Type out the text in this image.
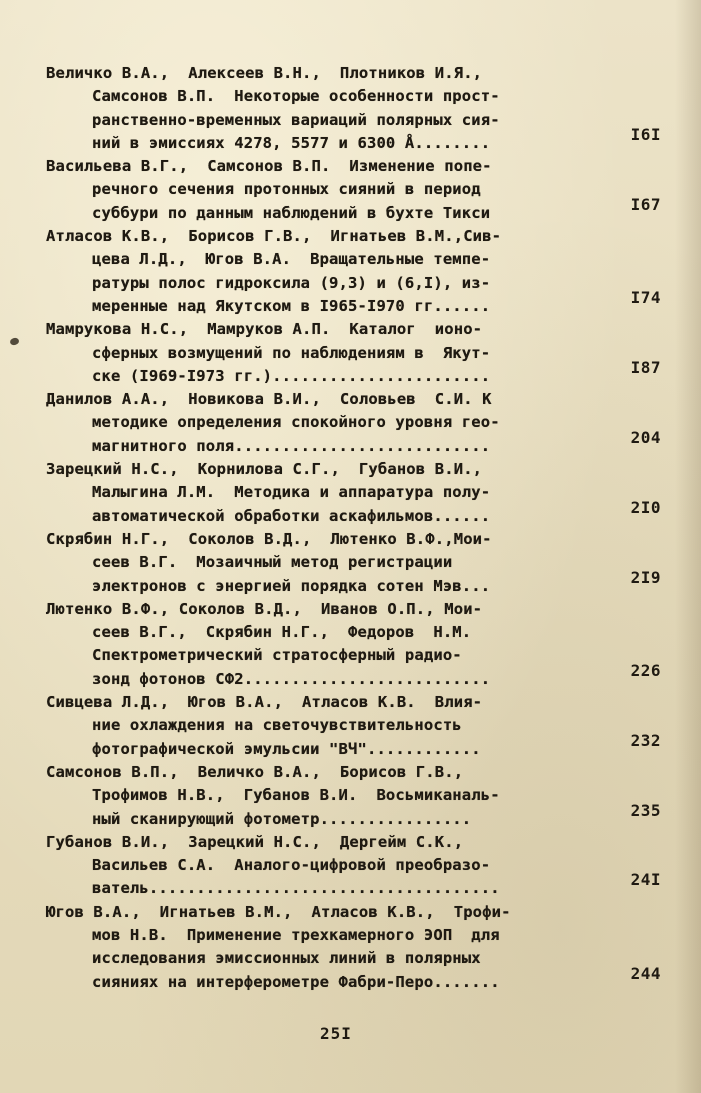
Величко В.А.,  Алексеев В.Н.,  Плотников И.Я.,
Самсонов В.П.  Некоторые особенности прост-
ранственно-временных вариаций полярных сия-
ний в эмиссиях 4278, 5577 и 6300 Å........	I6I
Васильева В.Г.,  Самсонов В.П.  Изменение попе-
речного сечения протонных сияний в период
суббури по данным наблюдений в бухте Тикси	I67
Атласов К.В.,  Борисов Г.В.,  Игнатьев В.М.,Сив-
цева Л.Д.,  Югов В.А.  Вращательные темпе-
ратуры полос гидроксила (9,3) и (6,I), из-
меренные над Якутском в I965-I970 гг......	I74
Мамрукова Н.С.,  Мамруков А.П.  Каталог  ионо-
сферных возмущений по наблюдениям в  Якут-
ске (I969-I973 гг.).......................	I87
Данилов А.А.,  Новикова В.И.,  Соловьев  С.И. К
методике определения спокойного уровня гео-
магнитного поля...........................	204
Зарецкий Н.С.,  Корнилова С.Г.,  Губанов В.И.,
Малыгина Л.М.  Методика и аппаратура полу-
автоматической обработки аскафильмов......	2I0
Скрябин Н.Г.,  Соколов В.Д.,  Лютенко В.Ф.,Мои-
сеев В.Г.  Мозаичный метод регистрации
электронов с энергией порядка сотен Мэв...	2I9
Лютенко В.Ф., Соколов В.Д.,  Иванов О.П., Мои-
сеев В.Г.,  Скрябин Н.Г.,  Федоров  Н.М.
Спектрометрический стратосферный радио-
зонд фотонов СФ2..........................	226
Сивцева Л.Д.,  Югов В.А.,  Атласов К.В.  Влия-
ние охлаждения на светочувствительность
фотографической эмульсии "ВЧ"............	232
Самсонов В.П.,  Величко В.А.,  Борисов Г.В.,
Трофимов Н.В.,  Губанов В.И.  Восьмиканаль-
ный сканирующий фотометр................	235
Губанов В.И.,  Зарецкий Н.С.,  Дергейм С.К.,
Васильев С.А.  Аналого-цифровой преобразо-
ватель.....................................	24I
Югов В.А.,  Игнатьев В.М.,  Атласов К.В.,  Трофи-
мов Н.В.  Применение трехкамерного ЭОП  для
исследования эмиссионных линий в полярных
сияниях на интерферометре Фабри-Перо.......	244
25I
